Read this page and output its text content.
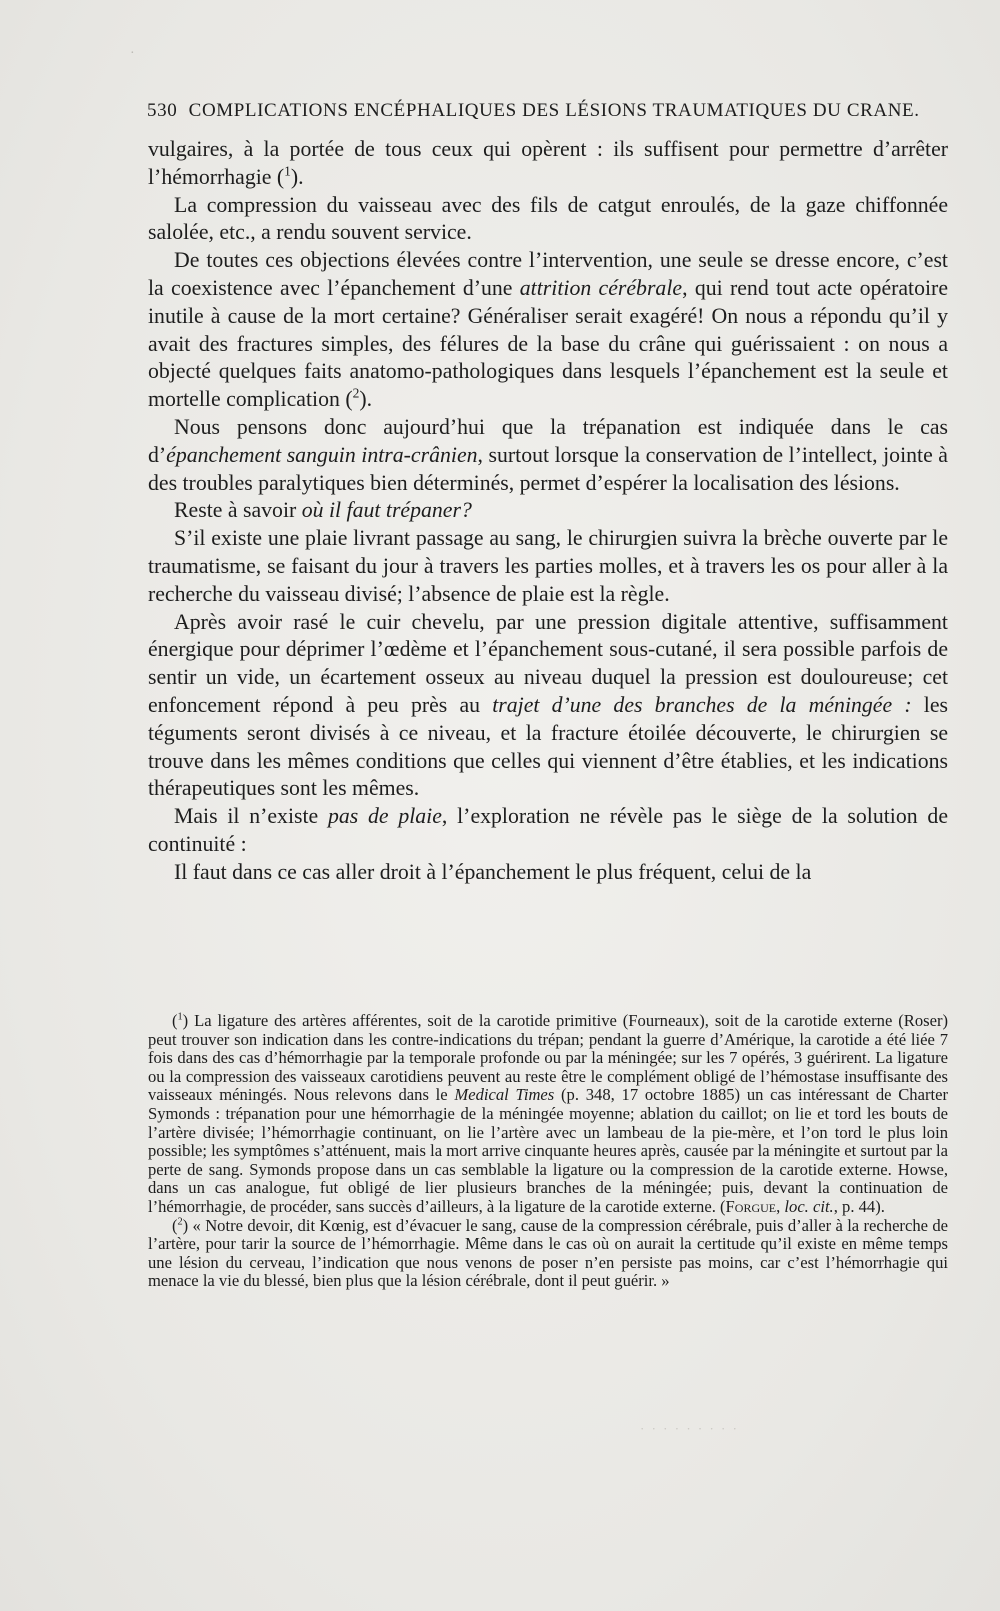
·
530 COMPLICATIONS ENCÉPHALIQUES DES LÉSIONS TRAUMATIQUES DU CRANE.

vulgaires, à la portée de tous ceux qui opèrent : ils suffisent pour permettre d’arrêter l’hémorrhagie ($^1$).

La compression du vaisseau avec des fils de catgut enroulés, de la gaze chiffonnée salolée, etc., a rendu souvent service.

De toutes ces objections élevées contre l’intervention, une seule se dresse encore, c’est la coexistence avec l’épanchement d’une attrition cérébrale, qui rend tout acte opératoire inutile à cause de la mort certaine? Généraliser serait exagéré! On nous a répondu qu’il y avait des fractures simples, des félures de la base du crâne qui guérissaient : on nous a objecté quelques faits anatomo-pathologiques dans lesquels l’épanchement est la seule et mortelle complication ($^2$).

Nous pensons donc aujourd’hui que la trépanation est indiquée dans le cas d’épanchement sanguin intra-crânien, surtout lorsque la conservation de l’intellect, jointe à des troubles paralytiques bien déterminés, permet d’espérer la localisation des lésions.

Reste à savoir où il faut trépaner?

S’il existe une plaie livrant passage au sang, le chirurgien suivra la brèche ouverte par le traumatisme, se faisant du jour à travers les parties molles, et à travers les os pour aller à la recherche du vaisseau divisé; l’absence de plaie est la règle.

Après avoir rasé le cuir chevelu, par une pression digitale attentive, suffisamment énergique pour déprimer l’œdème et l’épanchement sous-cutané, il sera possible parfois de sentir un vide, un écartement osseux au niveau duquel la pression est douloureuse; cet enfoncement répond à peu près au trajet d’une des branches de la méningée : les téguments seront divisés à ce niveau, et la fracture étoilée découverte, le chirurgien se trouve dans les mêmes conditions que celles qui viennent d’être établies, et les indications thérapeutiques sont les mêmes.

Mais il n’existe pas de plaie, l’exploration ne révèle pas le siège de la solution de continuité :

Il faut dans ce cas aller droit à l’épanchement le plus fréquent, celui de la

($^1$) La ligature des artères afférentes, soit de la carotide primitive (Fourneaux), soit de la carotide externe (Roser) peut trouver son indication dans les contre-indications du trépan; pendant la guerre d’Amérique, la carotide a été liée 7 fois dans des cas d’hémorrhagie par la temporale profonde ou par la méningée; sur les 7 opérés, 3 guérirent. La ligature ou la compression des vaisseaux carotidiens peuvent au reste être le complément obligé de l’hémostase insuffisante des vaisseaux méningés. Nous relevons dans le Medical Times (p. 348, 17 octobre 1885) un cas intéressant de Charter Symonds : trépanation pour une hémorrhagie de la méningée moyenne; ablation du caillot; on lie et tord les bouts de l’artère divisée; l’hémorrhagie continuant, on lie l’artère avec un lambeau de la pie-mère, et l’on tord le plus loin possible; les symptômes s’atténuent, mais la mort arrive cinquante heures après, causée par la méningite et surtout par la perte de sang. Symonds propose dans un cas semblable la ligature ou la compression de la carotide externe. Howse, dans un cas analogue, fut obligé de lier plusieurs branches de la méningée; puis, devant la continuation de l’hémorrhagie, de procéder, sans succès d’ailleurs, à la ligature de la carotide externe. (Forgue, loc. cit., p. 44).

($^2$) « Notre devoir, dit Kœnig, est d’évacuer le sang, cause de la compression cérébrale, puis d’aller à la recherche de l’artère, pour tarir la source de l’hémorrhagie. Même dans le cas où on aurait la certitude qu’il existe en même temps une lésion du cerveau, l’indication que nous venons de poser n’en persiste pas moins, car c’est l’hémorrhagie qui menace la vie du blessé, bien plus que la lésion cérébrale, dont il peut guérir. »

· · · · · · · · ·
